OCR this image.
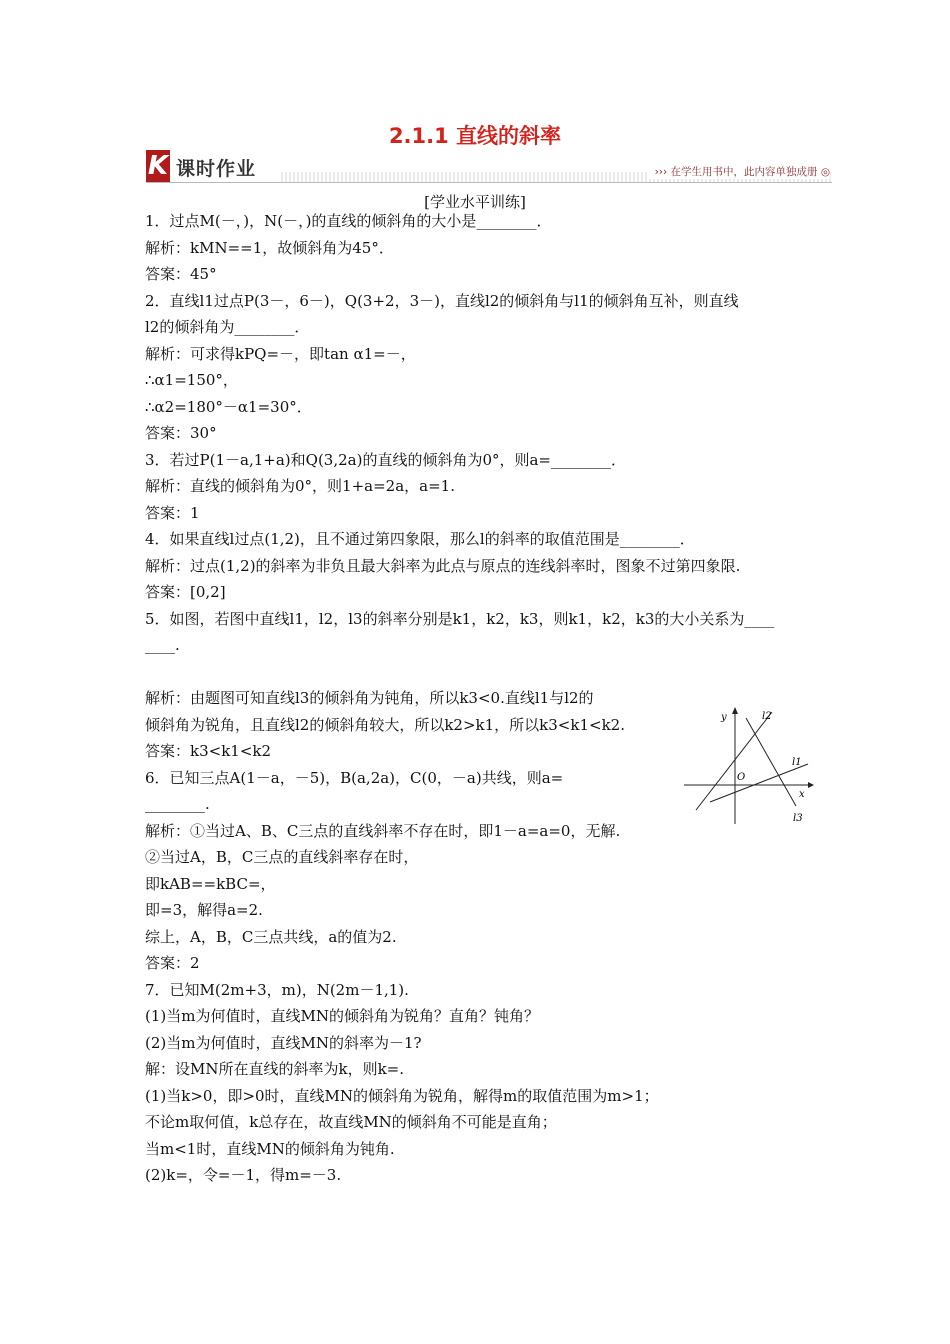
2.1.1 直线的斜率
K 课时作业	››› 在学生用书中，此内容单独成册 ◎
[学业水平训练]
1．过点M(－，)，N(－，)的直线的倾斜角的大小是________．
解析：kMN==1，故倾斜角为45°．
答案：45°
2．直线l1过点P(3－，6－)，Q(3+2，3－)，直线l2的倾斜角与l1的倾斜角互补，则直线
l2的倾斜角为________．
解析：可求得kPQ=－，即tan α1=－，
∴α1=150°，
∴α2=180°－α1=30°．
答案：30°
3．若过P(1－a,1+a)和Q(3,2a)的直线的倾斜角为0°，则a=________．
解析：直线的倾斜角为0°，则1+a=2a，a=1.
答案：1
4．如果直线l过点(1,2)，且不通过第四象限，那么l的斜率的取值范围是________．
解析：过点(1,2)的斜率为非负且最大斜率为此点与原点的连线斜率时，图象不过第四象限.
答案：[0,2]
5．如图，若图中直线l1，l2，l3的斜率分别是k1，k2，k3，则k1，k2，k3的大小关系为____
____.
解析：由题图可知直线l3的倾斜角为钝角，所以k3<0.直线l1与l2的
倾斜角为锐角，且直线l2的倾斜角较大，所以k2>k1，所以k3<k1<k2.
答案：k3<k1<k2
6．已知三点A(1－a，－5)，B(a,2a)，C(0，－a)共线，则a=
________.
解析：①当过A、B、C三点的直线斜率不存在时，即1－a=a=0，无解.
②当过A，B，C三点的直线斜率存在时，
即kAB==kBC=，
即=3，解得a=2.
综上，A，B，C三点共线，a的值为2.
答案：2
7．已知M(2m+3，m)，N(2m－1,1).
(1)当m为何值时，直线MN的倾斜角为锐角？直角？钝角？
(2)当m为何值时，直线MN的斜率为－1?
解：设MN所在直线的斜率为k，则k=.
(1)当k>0，即>0时，直线MN的倾斜角为锐角，解得m的取值范围为m>1；
不论m取何值，k总存在，故直线MN的倾斜角不可能是直角；
当m<1时，直线MN的倾斜角为钝角.
(2)k=，令=－1，得m=－3.
y
x
O
l1
l2
l3
